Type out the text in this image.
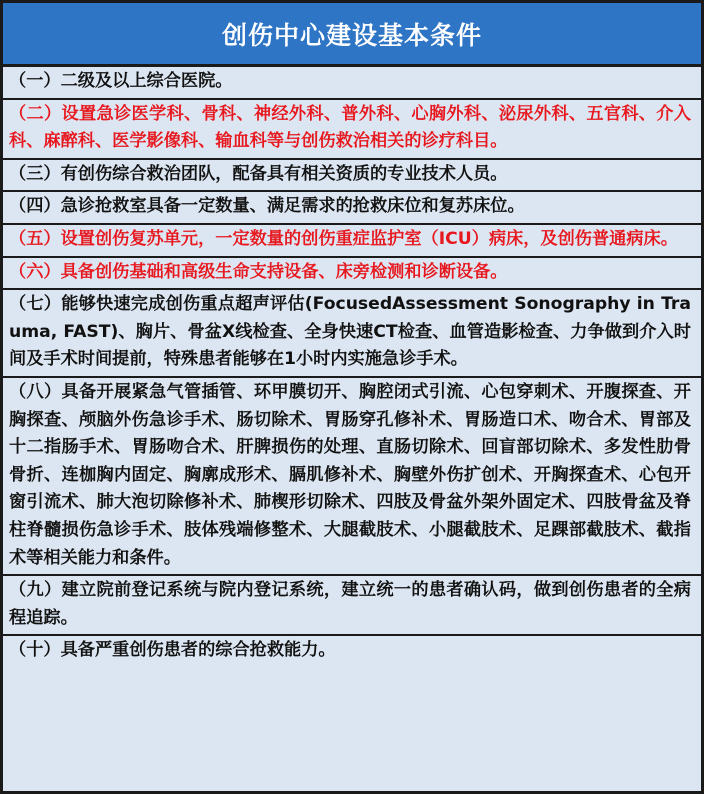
创伤中心建设基本条件
（一）二级及以上综合医院。
（二）设置急诊医学科、骨科、神经外科、普外科、心胸外科、泌尿外科、五官科、介入科、麻醉科、医学影像科、输血科等与创伤救治相关的诊疗科目。
（三）有创伤综合救治团队，配备具有相关资质的专业技术人员。
（四）急诊抢救室具备一定数量、满足需求的抢救床位和复苏床位。
（五）设置创伤复苏单元，一定数量的创伤重症监护室（ICU）病床，及创伤普通病床。
（六）具备创伤基础和高级生命支持设备、床旁检测和诊断设备。
（七）能够快速完成创伤重点超声评估(FocusedAssessment Sonography in Trauma, FAST)、胸片、骨盆X线检查、全身快速CT检查、血管造影检查、力争做到介入时间及手术时间提前，特殊患者能够在1小时内实施急诊手术。
（八）具备开展紧急气管插管、环甲膜切开、胸腔闭式引流、心包穿刺术、开腹探查、开胸探查、颅脑外伤急诊手术、肠切除术、胃肠穿孔修补术、胃肠造口术、吻合术、胃部及十二指肠手术、胃肠吻合术、肝脾损伤的处理、直肠切除术、回盲部切除术、多发性肋骨骨折、连枷胸内固定、胸廓成形术、膈肌修补术、胸壁外伤扩创术、开胸探查术、心包开窗引流术、肺大泡切除修补术、肺楔形切除术、四肢及骨盆外架外固定术、四肢骨盆及脊柱脊髓损伤急诊手术、肢体残端修整术、大腿截肢术、小腿截肢术、足踝部截肢术、截指术等相关能力和条件。
（九）建立院前登记系统与院内登记系统，建立统一的患者确认码，做到创伤患者的全病程追踪。
（十）具备严重创伤患者的综合抢救能力。
